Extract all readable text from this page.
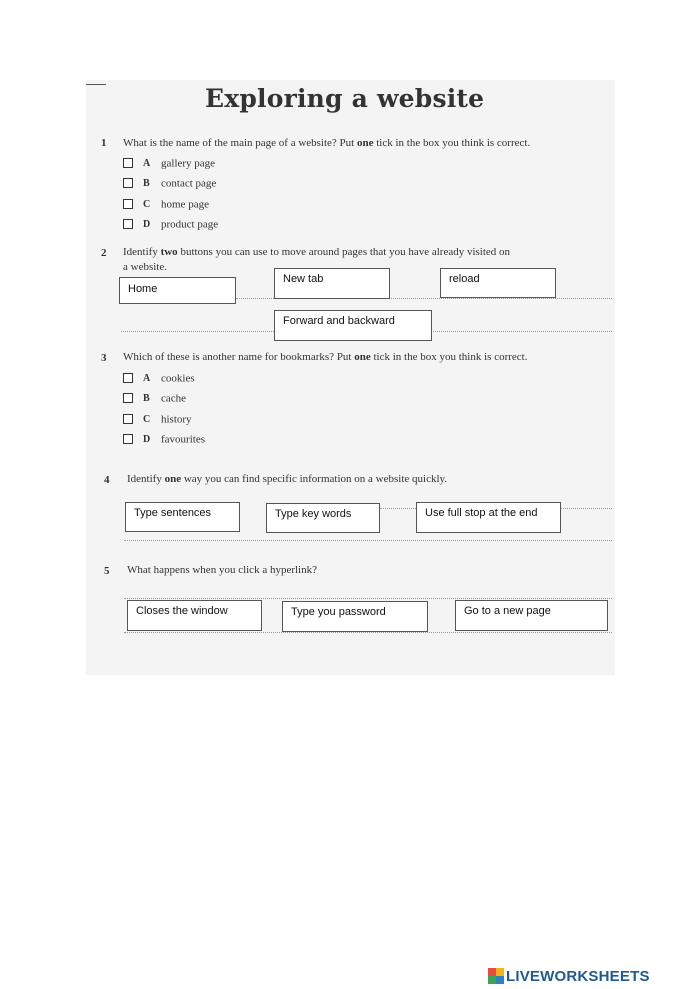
Exploring a website
1 What is the name of the main page of a website? Put one tick in the box you think is correct.
A gallery page
B contact page
C home page
D product page
2 Identify two buttons you can use to move around pages that you have already visited on
a website.
Home
New tab	reload
Forward and backward
3 Which of these is another name for bookmarks? Put one tick in the box you think is correct.
A cookies
B cache
C history
D favourites
4 Identify one way you can find specific information on a website quickly.
Type sentences	Type key words	Use full stop at the end
5 What happens when you click a hyperlink?
Closes the window	Type you password	Go to a new page
LIVEWORKSHEETS
